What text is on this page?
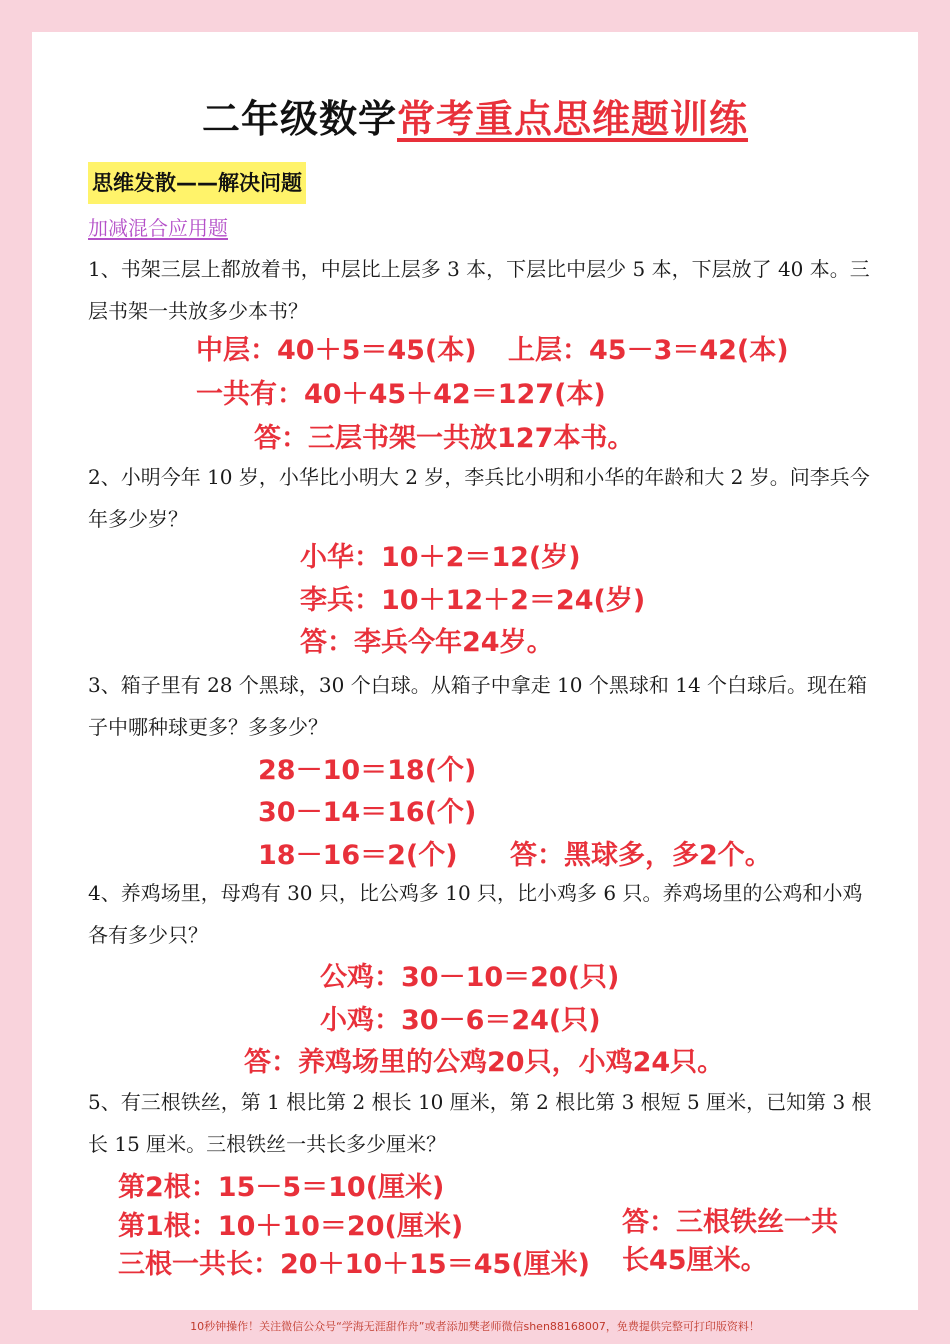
二年级数学常考重点思维题训练
思维发散——解决问题
加减混合应用题
1、书架三层上都放着书，中层比上层多 3 本，下层比中层少 5 本，下层放了 40 本。三层书架一共放多少本书？
中层：40＋5＝45(本) 上层：45－3＝42(本)
一共有：40＋45＋42＝127(本)
答：三层书架一共放127本书。
2、小明今年 10 岁，小华比小明大 2 岁，李兵比小明和小华的年龄和大 2 岁。问李兵今年多少岁？
小华：10＋2＝12(岁)
李兵：10＋12＋2＝24(岁)
答：李兵今年24岁。
3、箱子里有 28 个黑球，30 个白球。从箱子中拿走 10 个黑球和 14 个白球后。现在箱子中哪种球更多？多多少？
28－10＝18(个)
30－14＝16(个)
18－16＝2(个) 答：黑球多，多2个。
4、养鸡场里，母鸡有 30 只，比公鸡多 10 只，比小鸡多 6 只。养鸡场里的公鸡和小鸡各有多少只？
公鸡：30－10＝20(只)
小鸡：30－6＝24(只)
答：养鸡场里的公鸡20只，小鸡24只。
5、有三根铁丝，第 1 根比第 2 根长 10 厘米，第 2 根比第 3 根短 5 厘米，已知第 3 根长 15 厘米。三根铁丝一共长多少厘米？
第2根：15－5＝10(厘米)
第1根：10＋10＝20(厘米)
三根一共长：20＋10＋15＝45(厘米)
答：三根铁丝一共
长45厘米。
10秒钟操作！关注微信公众号“学海无涯甜作舟”或者添加樊老师微信shen88168007，免费提供完整可打印版资料！
